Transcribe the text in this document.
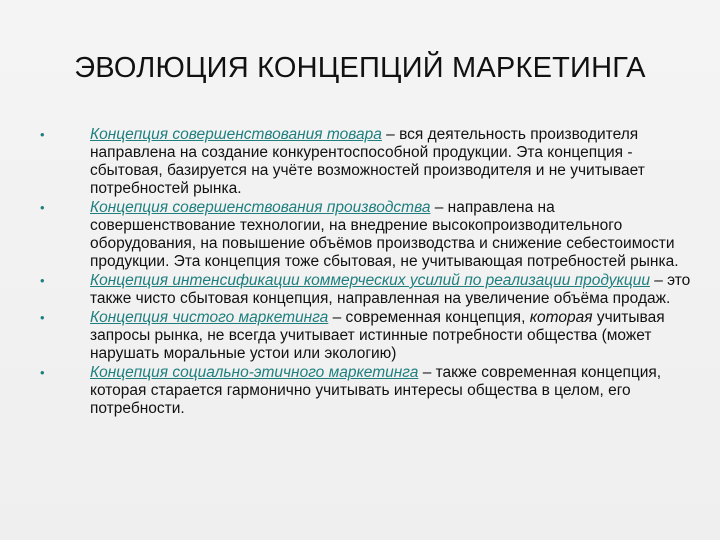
ЭВОЛЮЦИЯ КОНЦЕПЦИЙ МАРКЕТИНГА
•	Концепция совершенствования товара – вся деятельность производителя направлена на создание конкурентоспособной продукции. Эта концепция - сбытовая, базируется на учёте возможностей производителя и не учитывает потребностей рынка.
•	Концепция совершенствования производства – направлена на совершенствование технологии, на внедрение высокопроизводительного оборудования, на повышение объёмов производства и снижение себестоимости продукции. Эта концепция тоже сбытовая, не учитывающая потребностей рынка.
•	Концепция интенсификации коммерческих усилий по реализации продукции – это также чисто сбытовая концепция, направленная на увеличение объёма продаж.
•	Концепция чистого маркетинга – современная концепция, которая учитывая запросы рынка, не всегда учитывает истинные потребности общества (может нарушать моральные устои или экологию)
•	Концепция социально-этичного маркетинга – также современная концепция, которая старается гармонично учитывать интересы общества в целом, его потребности.
